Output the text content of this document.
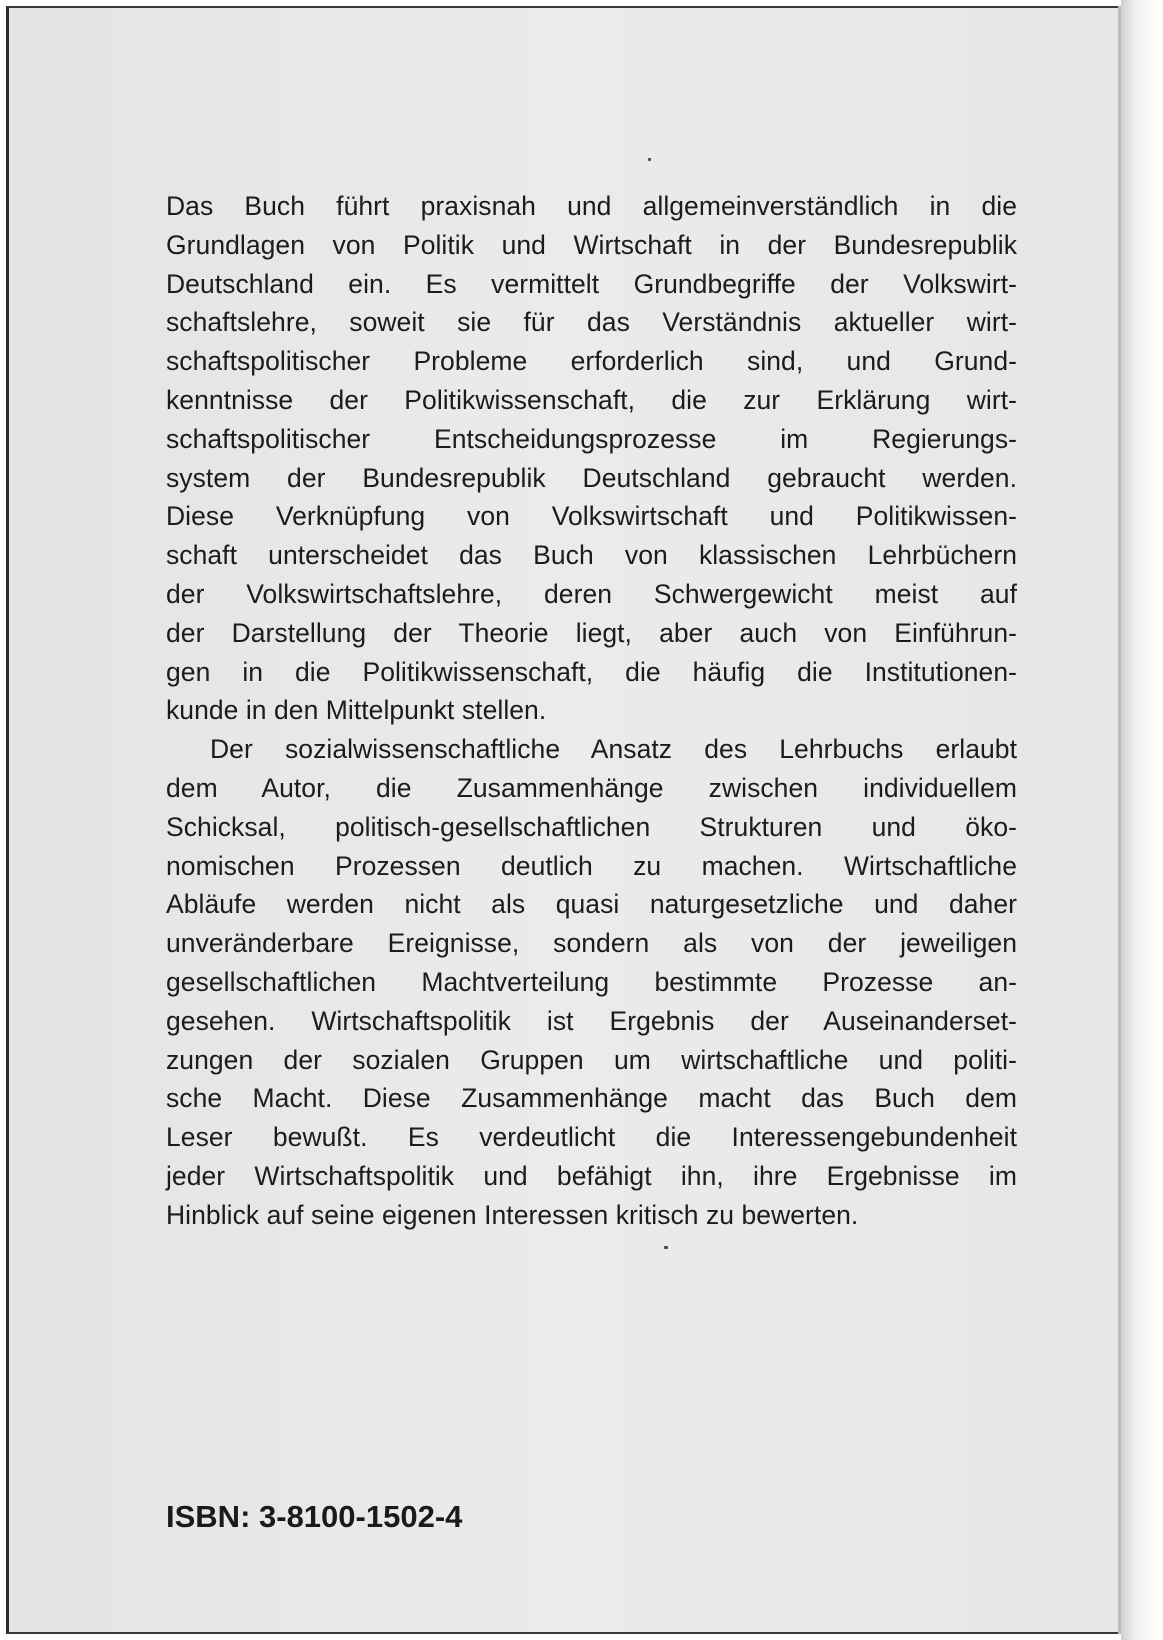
Das Buch führt praxisnah und allgemeinverständlich in die
Grundlagen von Politik und Wirtschaft in der Bundesrepublik
Deutschland ein. Es vermittelt Grundbegriffe der Volkswirt-
schaftslehre, soweit sie für das Verständnis aktueller wirt-
schaftspolitischer Probleme erforderlich sind, und Grund-
kenntnisse der Politikwissenschaft, die zur Erklärung wirt-
schaftspolitischer Entscheidungsprozesse im Regierungs-
system der Bundesrepublik Deutschland gebraucht werden.
Diese Verknüpfung von Volkswirtschaft und Politikwissen-
schaft unterscheidet das Buch von klassischen Lehrbüchern
der Volkswirtschaftslehre, deren Schwergewicht meist auf
der Darstellung der Theorie liegt, aber auch von Einführun-
gen in die Politikwissenschaft, die häufig die Institutionen-
kunde in den Mittelpunkt stellen.
Der sozialwissenschaftliche Ansatz des Lehrbuchs erlaubt
dem Autor, die Zusammenhänge zwischen individuellem
Schicksal, politisch-gesellschaftlichen Strukturen und öko-
nomischen Prozessen deutlich zu machen. Wirtschaftliche
Abläufe werden nicht als quasi naturgesetzliche und daher
unveränderbare Ereignisse, sondern als von der jeweiligen
gesellschaftlichen Machtverteilung bestimmte Prozesse an-
gesehen. Wirtschaftspolitik ist Ergebnis der Auseinanderset-
zungen der sozialen Gruppen um wirtschaftliche und politi-
sche Macht. Diese Zusammenhänge macht das Buch dem
Leser bewußt. Es verdeutlicht die Interessengebundenheit
jeder Wirtschaftspolitik und befähigt ihn, ihre Ergebnisse im
Hinblick auf seine eigenen Interessen kritisch zu bewerten.
ISBN: 3-8100-1502-4
